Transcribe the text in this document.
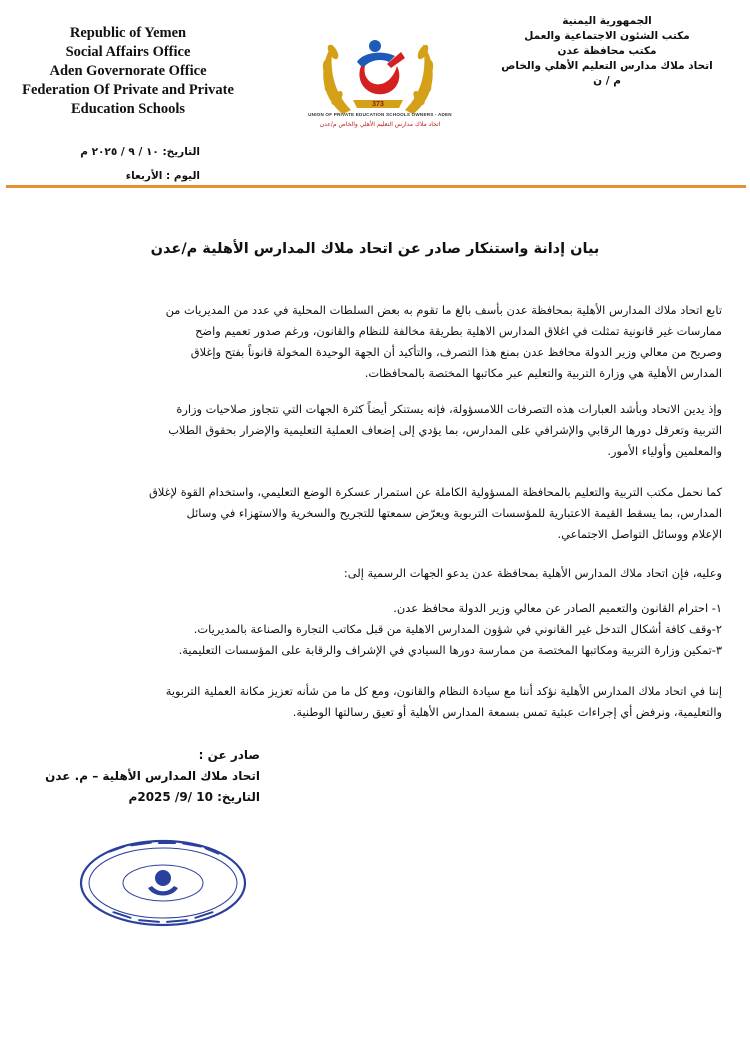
Republic of Yemen
Social Affairs Office
Aden Governorate Office
Federation Of Private and Private
Education Schools
الجمهورية اليمنية
مكتب الشئون الاجتماعية والعمل
مكتب محافظة عدن
اتحاد ملاك مدارس التعليم الأهلي والخاص
م / ن
373
UNION OF PRIVATE EDUCATION SCHOOLS OWNERS - ADEN
اتحاد ملاك مدارس التعليم الأهلي والخاص م/عدن
التاريخ: ١٠ / ٩ / ٢٠٢٥ م
اليوم : الأربعاء
بيان إدانة واستنكار صادر عن اتحاد ملاك المدارس الأهلية م/عدن
تابع اتحاد ملاك المدارس الأهلية بمحافظة عدن بأسف بالغ ما تقوم به بعض السلطات المحلية في عدد من المديريات من
ممارسات غير قانونية تمثلت في اغلاق المدارس الاهلية بطريقة مخالفة للنظام والقانون، ورغم صدور تعميم واضح
وصريح من معالي وزير الدولة محافظ عدن بمنع هذا التصرف، والتأكيد أن الجهة الوحيدة المخولة قانوناً بفتح وإغلاق
المدارس الأهلية هي وزارة التربية والتعليم عبر مكاتبها المختصة بالمحافظات.
وإذ يدين الاتحاد وبأشد العبارات هذه التصرفات اللامسؤولة، فإنه يستنكر أيضاً كثرة الجهات التي تتجاوز صلاحيات وزارة
التربية وتعرقل دورها الرقابي والإشرافي على المدارس، بما يؤدي إلى إضعاف العملية التعليمية والإضرار بحقوق الطلاب
والمعلمين وأولياء الأمور.
كما نحمل مكتب التربية والتعليم بالمحافظة المسؤولية الكاملة عن استمرار عسكرة الوضع التعليمي، واستخدام القوة لإغلاق
المدارس، بما يسقط القيمة الاعتبارية للمؤسسات التربوية ويعرّض سمعتها للتجريح والسخرية والاستهزاء في وسائل
الإعلام ووسائل التواصل الاجتماعي.
وعليه، فإن اتحاد ملاك المدارس الأهلية بمحافظة عدن يدعو الجهات الرسمية إلى:
١- احترام القانون والتعميم الصادر عن معالي وزير الدولة محافظ عدن.
٢-وقف كافة أشكال التدخل غير القانوني في شؤون المدارس الاهلية من قبل مكاتب التجارة والصناعة بالمديريات.
٣-تمكين وزارة التربية ومكاتبها المختصة من ممارسة دورها السيادي في الإشراف والرقابة على المؤسسات التعليمية.
إننا في اتحاد ملاك المدارس الأهلية نؤكد أننا مع سيادة النظام والقانون، ومع كل ما من شأنه تعزيز مكانة العملية التربوية
والتعليمية، ونرفض أي إجراءات عبثية تمس بسمعة المدارس الأهلية أو تعيق رسالتها الوطنية.
صادر عن :
اتحاد ملاك المدارس الأهلية – م. عدن
التاريخ: 10 /9/ 2025م
